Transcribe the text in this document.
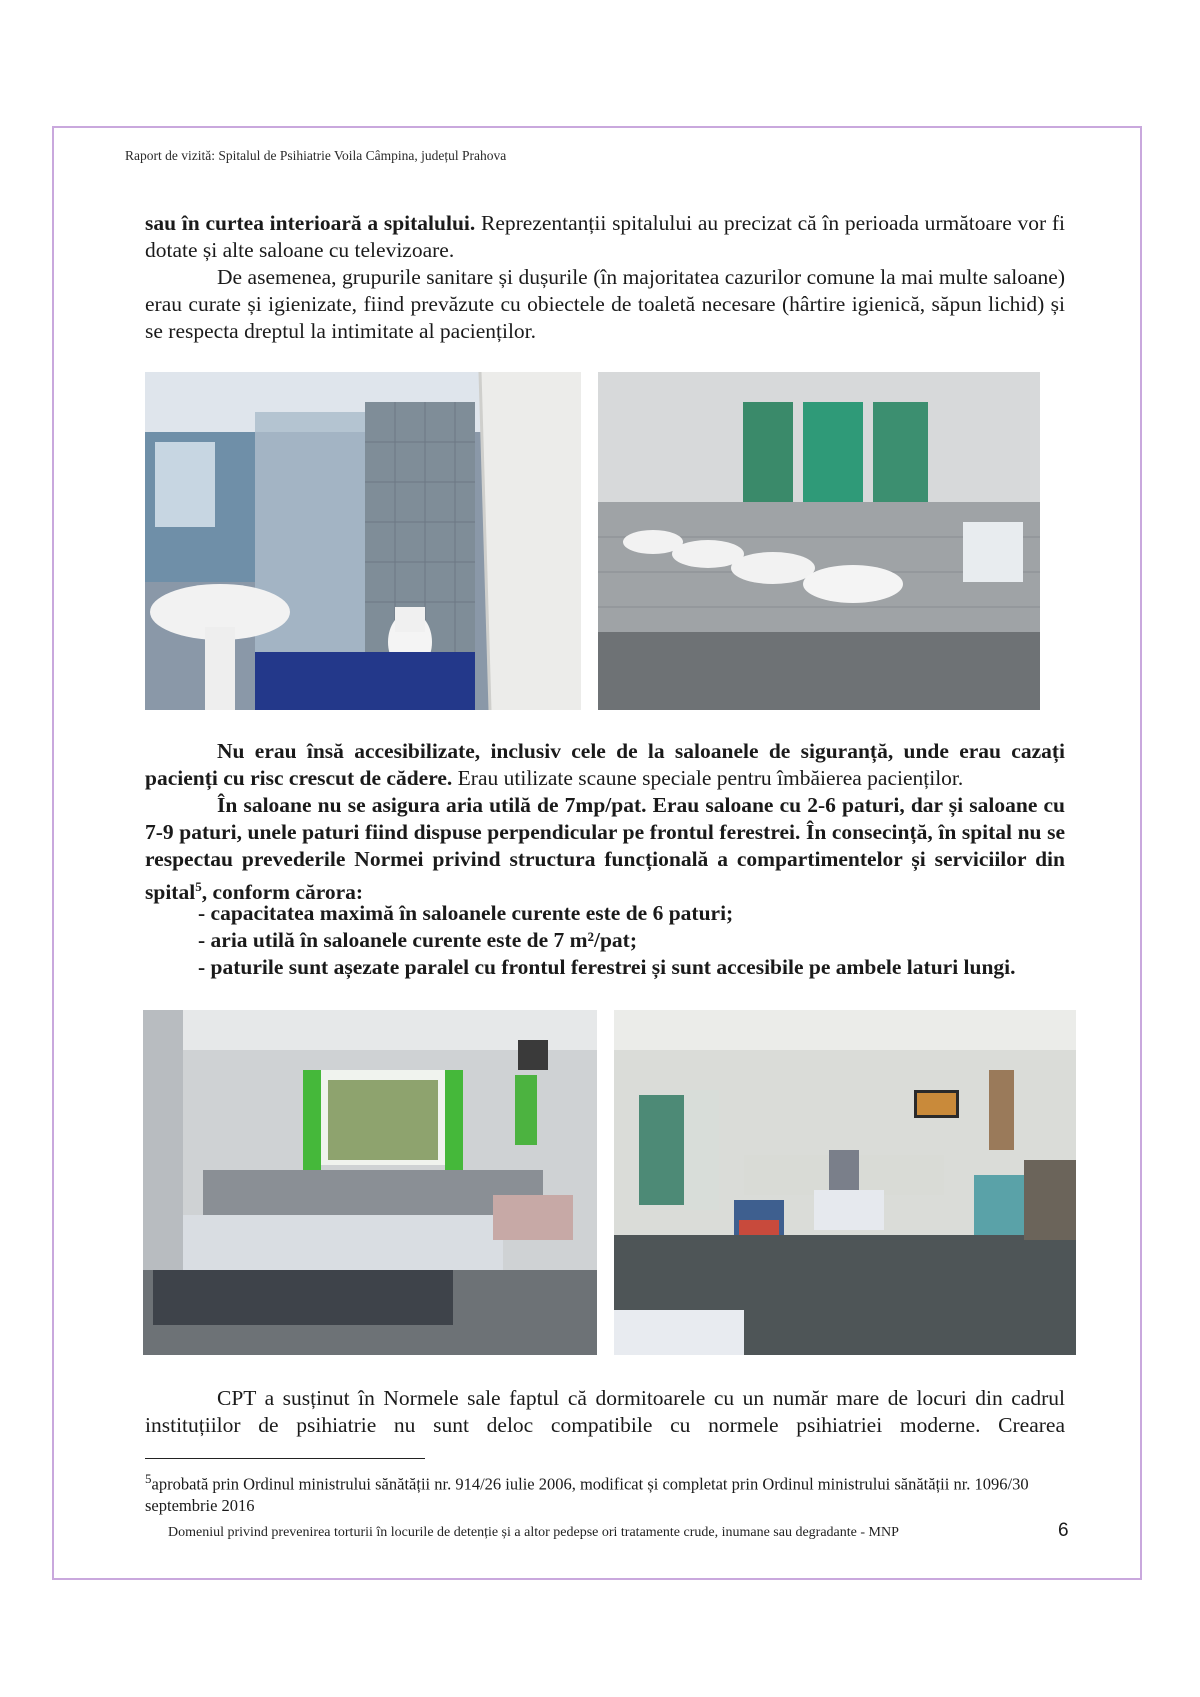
Raport de vizită: Spitalul de Psihiatrie Voila Câmpina, județul Prahova

sau în curtea interioară a spitalului. Reprezentanții spitalului au precizat că în perioada următoare vor fi dotate și alte saloane cu televizoare.

De asemenea, grupurile sanitare și dușurile (în majoritatea cazurilor comune la mai multe saloane) erau curate și igienizate, fiind prevăzute cu obiectele de toaletă necesare (hârtire igienică, săpun lichid) și se respecta dreptul la intimitate al pacienților.

Nu erau însă accesibilizate, inclusiv cele de la saloanele de siguranță, unde erau cazați pacienți cu risc crescut de cădere. Erau utilizate scaune speciale pentru îmbăierea pacienților.

În saloane nu se asigura aria utilă de 7mp/pat. Erau saloane cu 2-6 paturi, dar și saloane cu 7-9 paturi, unele paturi fiind dispuse perpendicular pe frontul ferestrei. În consecință, în spital nu se respectau prevederile Normei privind structura funcțională a compartimentelor și serviciilor din spital$^5$, conform cărora:

- capacitatea maximă în saloanele curente este de 6 paturi;
- aria utilă în saloanele curente este de 7 m²/pat;
- paturile sunt așezate paralel cu frontul ferestrei și sunt accesibile pe ambele laturi lungi.

CPT a susținut în Normele sale faptul că dormitoarele cu un număr mare de locuri din cadrul instituțiilor de psihiatrie nu sunt deloc compatibile cu normele psihiatriei moderne. Crearea

$^5$aprobată prin Ordinul ministrului sănătății nr. 914/26 iulie 2006, modificat și completat prin Ordinul ministrului sănătății nr. 1096/30 septembrie 2016

Domeniul privind prevenirea torturii în locurile de detenție și a altor pedepse ori tratamente crude, inumane sau degradante - MNP	6
